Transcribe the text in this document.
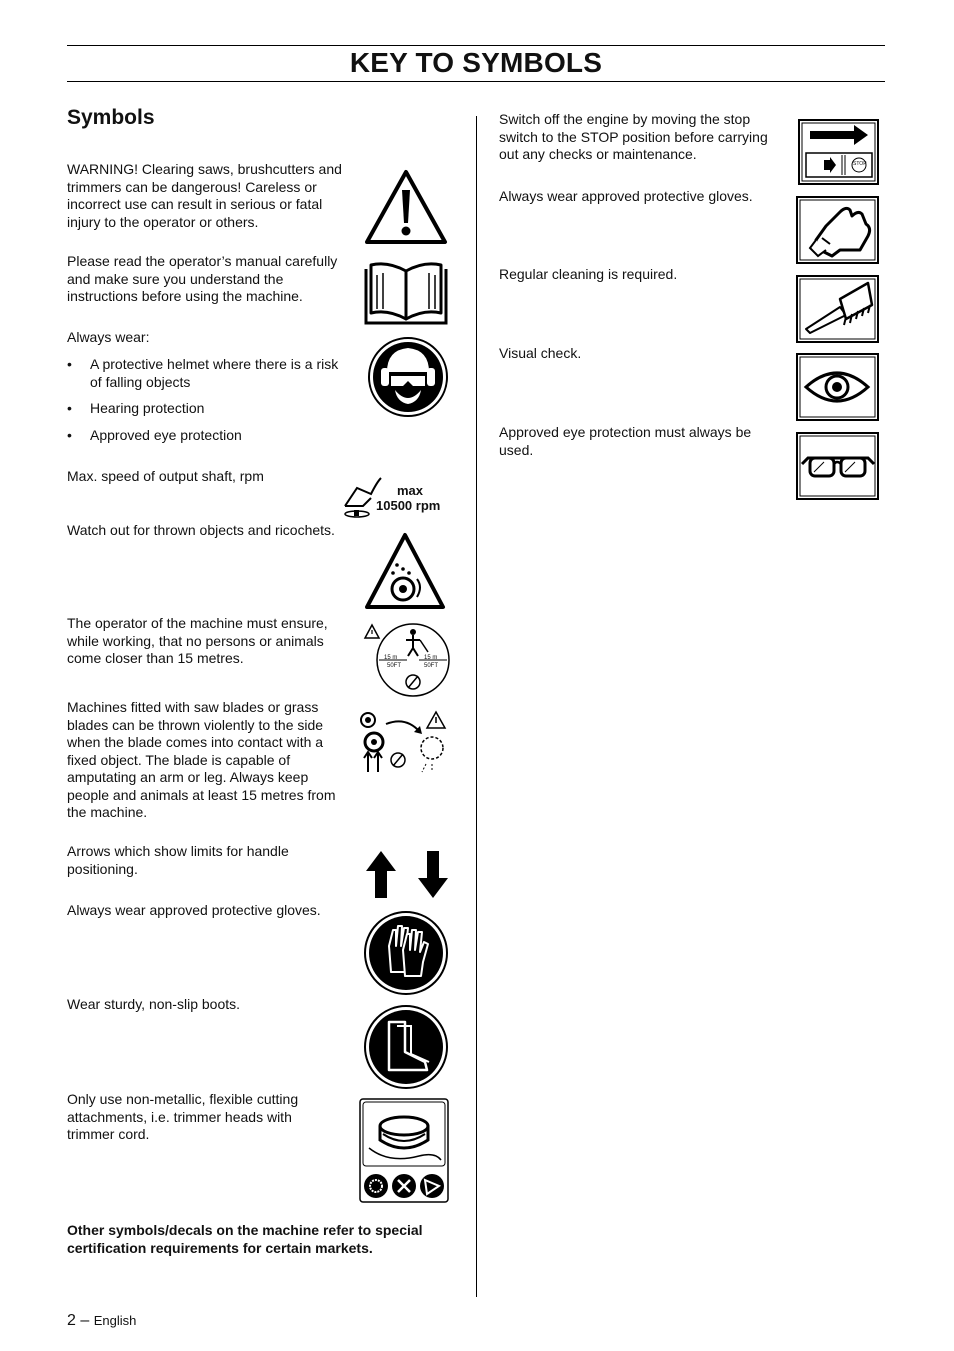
KEY TO SYMBOLS
Symbols
WARNING! Clearing saws, brushcutters and trimmers can be dangerous! Careless or incorrect use can result in serious or fatal injury to the operator or others.
Please read the operator’s manual carefully and make sure you understand the instructions before using the machine.
Always wear:
• A protective helmet where there is a risk of falling objects
• Hearing protection
• Approved eye protection
Max. speed of output shaft, rpm
Watch out for thrown objects and ricochets.
The operator of the machine must ensure, while working, that no persons or animals come closer than 15 metres.
Machines fitted with saw blades or grass blades can be thrown violently to the side when the blade comes into contact with a fixed object. The blade is capable of amputating an arm or leg. Always keep people and animals at least 15 metres from the machine.
Arrows which show limits for handle positioning.
Always wear approved protective gloves.
Wear sturdy, non-slip boots.
Only use non-metallic, flexible cutting attachments, i.e. trimmer heads with trimmer cord.
Other symbols/decals on the machine refer to special certification requirements for certain markets.
Switch off the engine by moving the stop switch to the STOP position before carrying out any checks or maintenance.
Always wear approved protective gloves.
Regular cleaning is required.
Visual check.
Approved eye protection must always be used.
max
10500 rpm
15 m
50FT
15 m
50FT
STOP
2 – English
